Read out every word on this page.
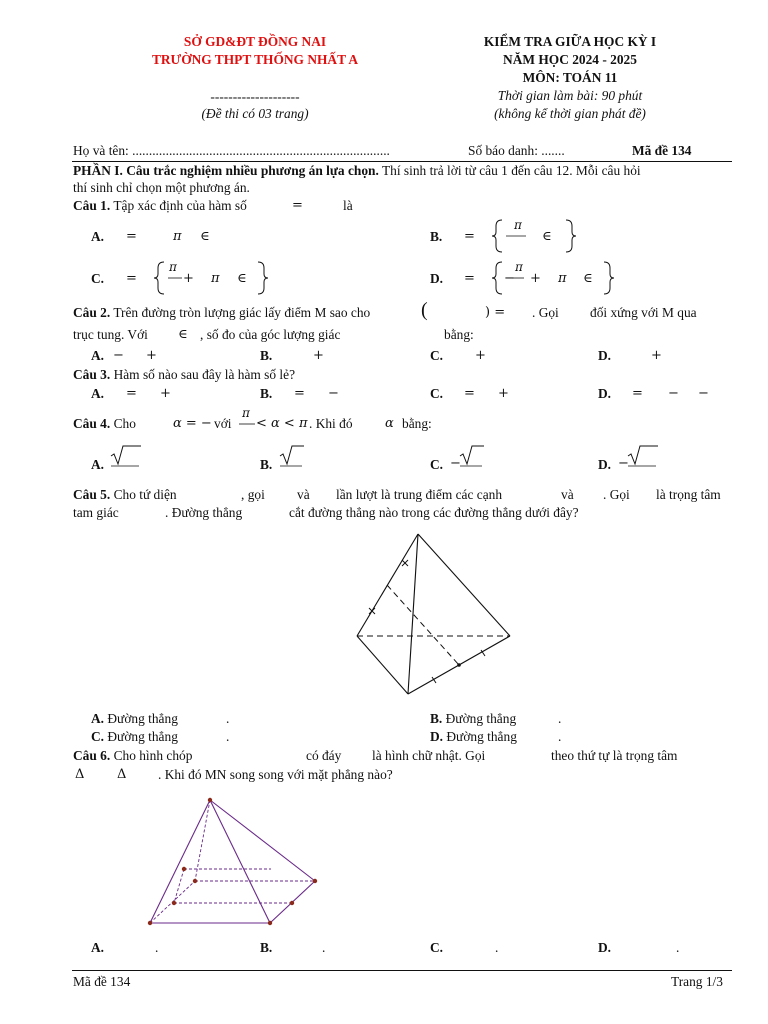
SỞ GD&ĐT ĐỒNG NAI
TRƯỜNG THPT THỐNG NHẤT A
--------------------
(Đề thi có 03 trang)
KIỂM TRA GIỮA HỌC KỲ I
NĂM HỌC 2024 - 2025
MÔN: TOÁN 11
Thời gian làm bài: 90 phút
(không kể thời gian phát đề)
Họ và tên: .............................................................................	Số báo danh: .......	Mã đề 134
PHẦN I. Câu trắc nghiệm nhiều phương án lựa chọn. Thí sinh trả lời từ câu 1 đến câu 12. Mỗi câu hỏi
thí sinh chỉ chọn một phương án.
Câu 1. Tập xác định của hàm số	=	là
A. =	π ∈	B. =
π
∈
C. =
π
+ π ∈	D. = −
π
+ π ∈
Câu 2. Trên đường tròn lượng giác lấy điểm M sao cho	(	) = . Gọi đối xứng với M qua
trục tung. Với ∈ , số đo của góc lượng giác	bằng:
A. − +	B.	+	C. +	D.	+
Câu 3. Hàm số nào sau đây là hàm số lẻ?
A. = +	B. = −	C. = +	D. = − −
Câu 4. Cho	α = − với
π
< α < π . Khi đó α bằng:
A.	B.	C. −	D. −
Câu 5. Cho tứ diện	, gọi và lần lượt là trung điểm các cạnh	và . Gọi là trọng tâm
tam giác	. Đường thẳng	cắt đường thẳng nào trong các đường thẳng dưới đây?
A. Đường thẳng	.	B. Đường thẳng	.
C. Đường thẳng	.	D. Đường thẳng	.
Câu 6. Cho hình chóp	có đáy là hình chữ nhật. Gọi	theo thứ tự là trọng tâm
Δ	Δ . Khi đó MN song song với mặt phẳng nào?
A.	.	B.	.	C.	.	D.	.
Mã đề 134	Trang 1/3
